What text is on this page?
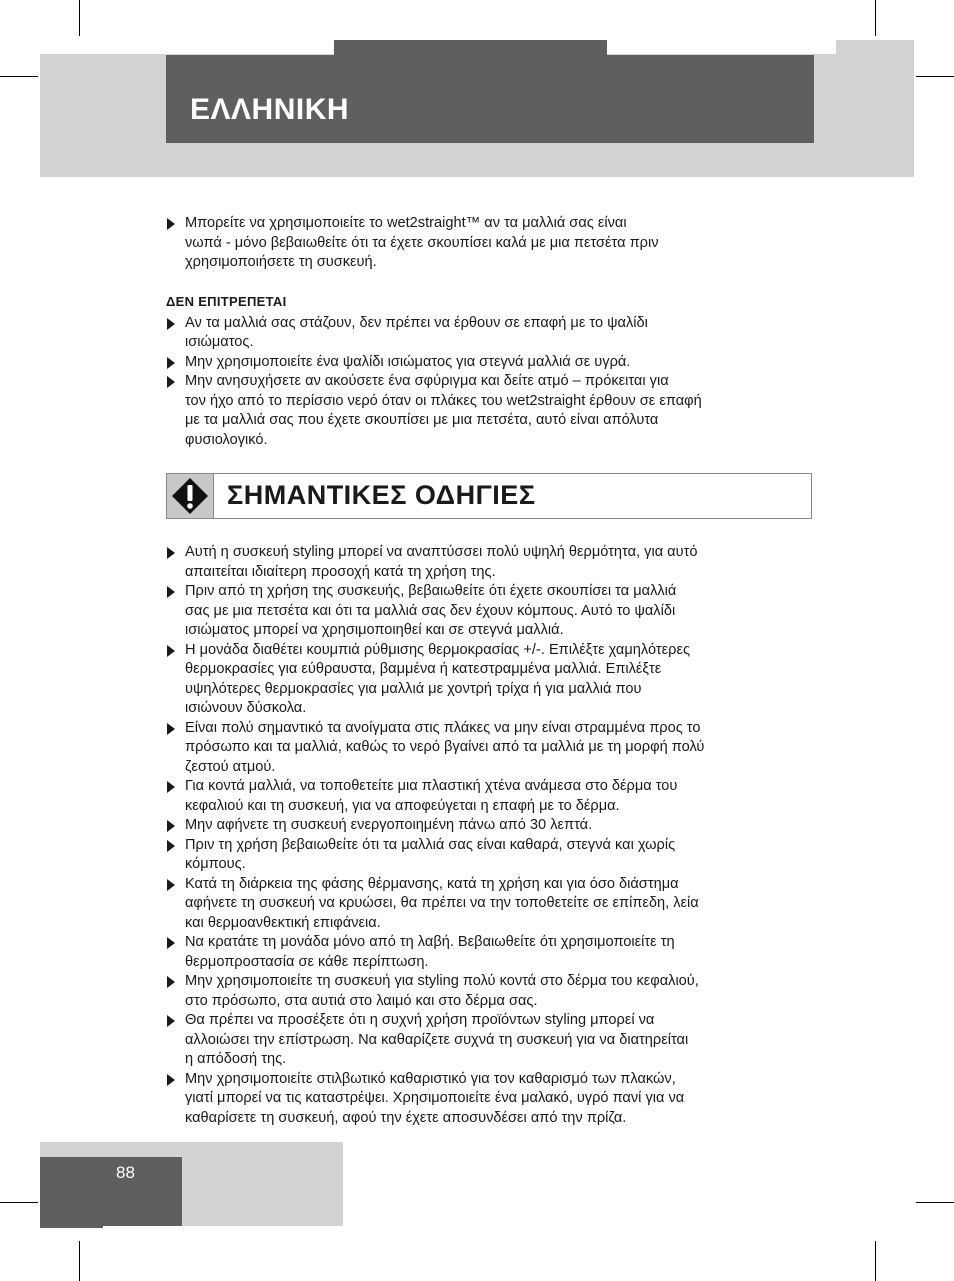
ΕΛΛΗΝΙΚΗ
Μπορείτε να χρησιμοποιείτε το wet2straight™ αν τα μαλλιά σας είναι
νωπά - μόνο βεβαιωθείτε ότι τα έχετε σκουπίσει καλά με μια πετσέτα πριν
χρησιμοποιήσετε τη συσκευή.
ΔΕΝ ΕΠΙΤΡΕΠΕΤΑΙ
Αν τα μαλλιά σας στάζουν, δεν πρέπει να έρθουν σε επαφή με το ψαλίδι
ισιώματος.
Μην χρησιμοποιείτε ένα ψαλίδι ισιώματος για στεγνά μαλλιά σε υγρά.
Μην ανησυχήσετε αν ακούσετε ένα σφύριγμα και δείτε ατμό – πρόκειται για
τον ήχο από το περίσσιο νερό όταν οι πλάκες του wet2straight έρθουν σε επαφή
με τα μαλλιά σας που έχετε σκουπίσει με μια πετσέτα, αυτό είναι απόλυτα
φυσιολογικό.
ΣΗΜΑΝΤΙΚΕΣ ΟΔΗΓΙΕΣ
Αυτή η συσκευή styling μπορεί να αναπτύσσει πολύ υψηλή θερμότητα, για αυτό
απαιτείται ιδιαίτερη προσοχή κατά τη χρήση της.
Πριν από τη χρήση της συσκευής, βεβαιωθείτε ότι έχετε σκουπίσει τα μαλλιά
σας με μια πετσέτα και ότι τα μαλλιά σας δεν έχουν κόμπους. Αυτό το ψαλίδι
ισιώματος μπορεί να χρησιμοποιηθεί και σε στεγνά μαλλιά.
Η μονάδα διαθέτει κουμπιά ρύθμισης θερμοκρασίας +/-. Επιλέξτε χαμηλότερες
θερμοκρασίες για εύθραυστα, βαμμένα ή κατεστραμμένα μαλλιά. Επιλέξτε
υψηλότερες θερμοκρασίες για μαλλιά με χοντρή τρίχα ή για μαλλιά που
ισιώνουν δύσκολα.
Είναι πολύ σημαντικό τα ανοίγματα στις πλάκες να μην είναι στραμμένα προς το
πρόσωπο και τα μαλλιά, καθώς το νερό βγαίνει από τα μαλλιά με τη μορφή πολύ
ζεστού ατμού.
Για κοντά μαλλιά, να τοποθετείτε μια πλαστική χτένα ανάμεσα στο δέρμα του
κεφαλιού και τη συσκευή, για να αποφεύγεται η επαφή με το δέρμα.
Μην αφήνετε τη συσκευή ενεργοποιημένη πάνω από 30 λεπτά.
Πριν τη χρήση βεβαιωθείτε ότι τα μαλλιά σας είναι καθαρά, στεγνά και χωρίς
κόμπους.
Κατά τη διάρκεια της φάσης θέρμανσης, κατά τη χρήση και για όσο διάστημα
αφήνετε τη συσκευή να κρυώσει, θα πρέπει να την τοποθετείτε σε επίπεδη, λεία
και θερμοανθεκτική επιφάνεια.
Να κρατάτε τη μονάδα μόνο από τη λαβή. Βεβαιωθείτε ότι χρησιμοποιείτε τη
θερμοπροστασία σε κάθε περίπτωση.
Μην χρησιμοποιείτε τη συσκευή για styling πολύ κοντά στο δέρμα του κεφαλιού,
στο πρόσωπο, στα αυτιά στο λαιμό και στο δέρμα σας.
Θα πρέπει να προσέξετε ότι η συχνή χρήση προϊόντων styling μπορεί να
αλλοιώσει την επίστρωση. Να καθαρίζετε συχνά τη συσκευή για να διατηρείται
η απόδοσή της.
Μην χρησιμοποιείτε στιλβωτικό καθαριστικό για τον καθαρισμό των πλακών,
γιατί μπορεί να τις καταστρέψει. Χρησιμοποιείτε ένα μαλακό, υγρό πανί για να
καθαρίσετε τη συσκευή, αφού την έχετε αποσυνδέσει από την πρίζα.
88
